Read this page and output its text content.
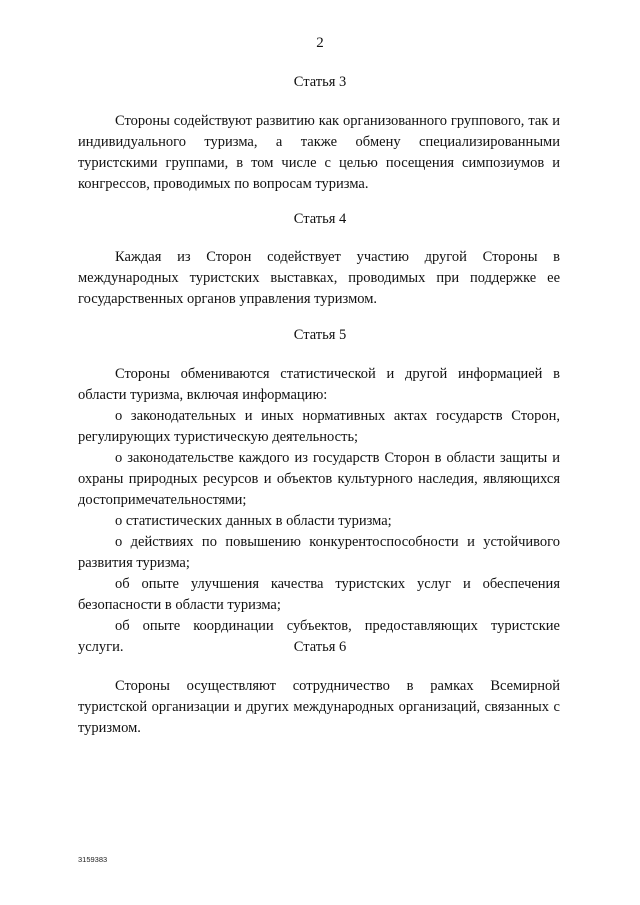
2
Статья 3

Стороны содействуют развитию как организованного группового, так и индивидуального туризма, а также обмену специализированными туристскими группами, в том числе с целью посещения симпозиумов и конгрессов, проводимых по вопросам туризма.

Статья 4

Каждая из Сторон содействует участию другой Стороны в международных туристских выставках, проводимых при поддержке ее государственных органов управления туризмом.

Статья 5

Стороны обмениваются статистической и другой информацией в области туризма, включая информацию:

о законодательных и иных нормативных актах государств Сторон, регулирующих туристическую деятельность;

о законодательстве каждого из государств Сторон в области защиты и охраны природных ресурсов и объектов культурного наследия, являющихся достопримечательностями;

о статистических данных в области туризма;

о действиях по повышению конкурентоспособности и устойчивого развития туризма;

об опыте улучшения качества туристских услуг и обеспечения безопасности в области туризма;

об опыте координации субъектов, предоставляющих туристские услуги.	Статья 6

Стороны осуществляют сотрудничество в рамках Всемирной туристской организации и других международных организаций, связанных с туризмом.

3159383
